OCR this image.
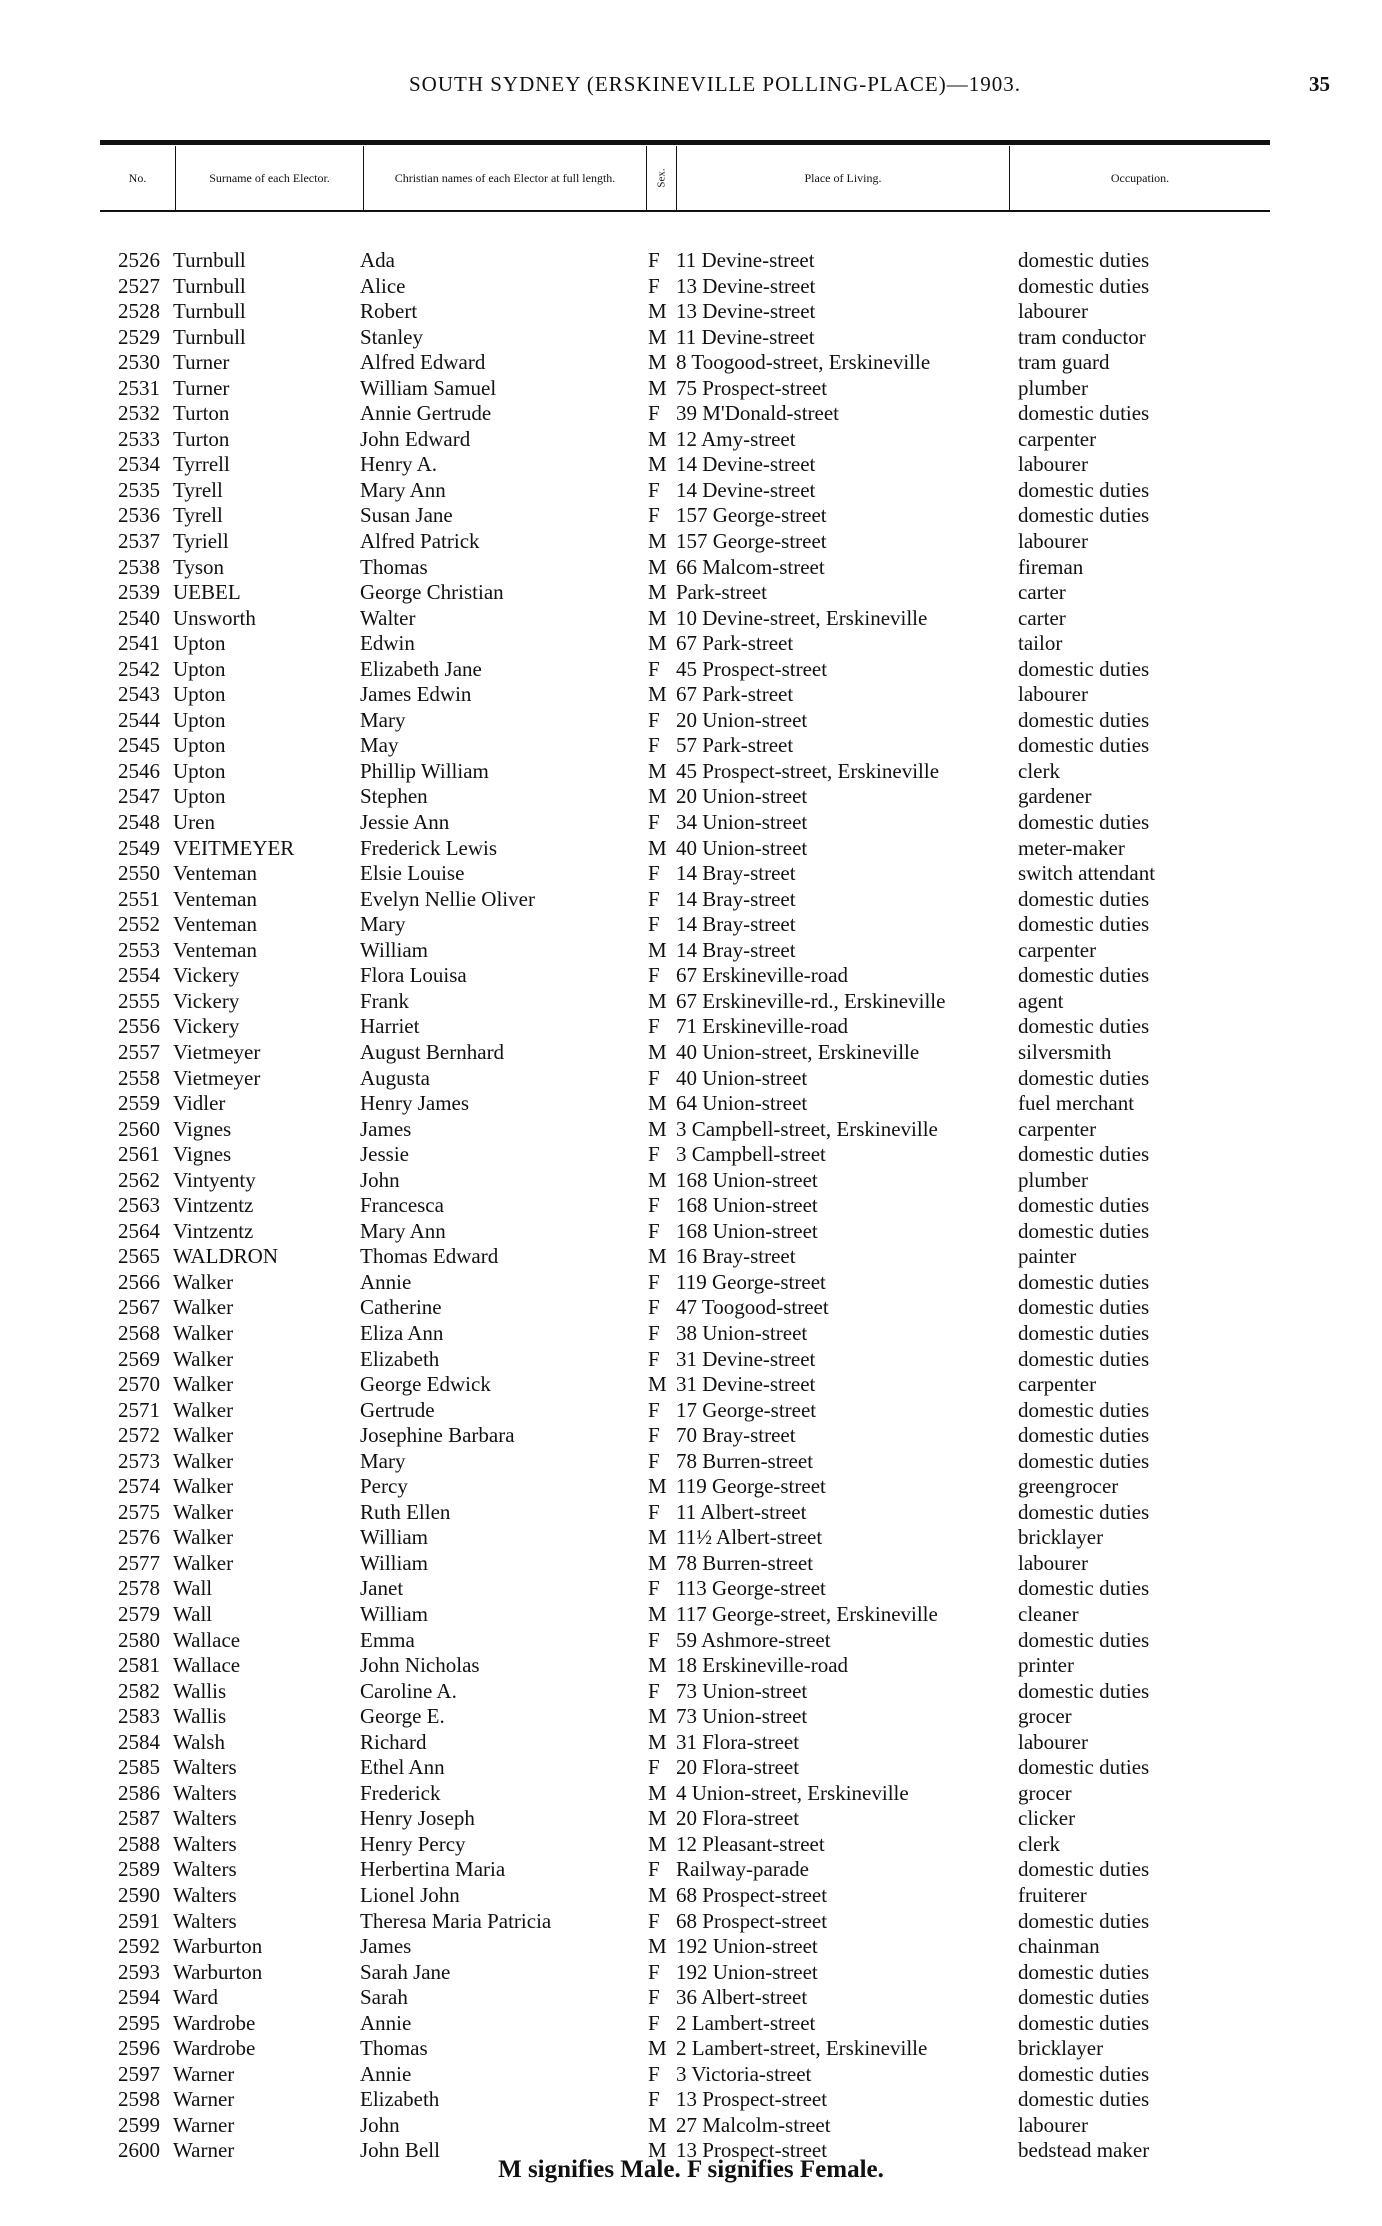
SOUTH SYDNEY (ERSKINEVILLE POLLING-PLACE)—1903.	35
No.	Surname of each Elector.	Christian names of each Elector at full length.	Sex.	Place of Living.	Occupation.
2526 Turnbull	Ada	F 11 Devine-street	domestic duties
2527 Turnbull	Alice	F 13 Devine-street	domestic duties
2528 Turnbull	Robert	M 13 Devine-street	labourer
2529 Turnbull	Stanley	M 11 Devine-street	tram conductor
2530 Turner	Alfred Edward	M 8 Toogood-street, Erskineville	tram guard
2531 Turner	William Samuel	M 75 Prospect-street	plumber
2532 Turton	Annie Gertrude	F 39 M'Donald-street	domestic duties
2533 Turton	John Edward	M 12 Amy-street	carpenter
2534 Tyrrell	Henry A.	M 14 Devine-street	labourer
2535 Tyrell	Mary Ann	F 14 Devine-street	domestic duties
2536 Tyrell	Susan Jane	F 157 George-street	domestic duties
2537 Tyriell	Alfred Patrick	M 157 George-street	labourer
2538 Tyson	Thomas	M 66 Malcom-street	fireman
2539 UEBEL	George Christian	M Park-street	carter
2540 Unsworth	Walter	M 10 Devine-street, Erskineville	carter
2541 Upton	Edwin	M 67 Park-street	tailor
2542 Upton	Elizabeth Jane	F 45 Prospect-street	domestic duties
2543 Upton	James Edwin	M 67 Park-street	labourer
2544 Upton	Mary	F 20 Union-street	domestic duties
2545 Upton	May	F 57 Park-street	domestic duties
2546 Upton	Phillip William	M 45 Prospect-street, Erskineville	clerk
2547 Upton	Stephen	M 20 Union-street	gardener
2548 Uren	Jessie Ann	F 34 Union-street	domestic duties
2549 VEITMEYER	Frederick Lewis	M 40 Union-street	meter-maker
2550 Venteman	Elsie Louise	F 14 Bray-street	switch attendant
2551 Venteman	Evelyn Nellie Oliver	F 14 Bray-street	domestic duties
2552 Venteman	Mary	F 14 Bray-street	domestic duties
2553 Venteman	William	M 14 Bray-street	carpenter
2554 Vickery	Flora Louisa	F 67 Erskineville-road	domestic duties
2555 Vickery	Frank	M 67 Erskineville-rd., Erskineville	agent
2556 Vickery	Harriet	F 71 Erskineville-road	domestic duties
2557 Vietmeyer	August Bernhard	M 40 Union-street, Erskineville	silversmith
2558 Vietmeyer	Augusta	F 40 Union-street	domestic duties
2559 Vidler	Henry James	M 64 Union-street	fuel merchant
2560 Vignes	James	M 3 Campbell-street, Erskineville	carpenter
2561 Vignes	Jessie	F 3 Campbell-street	domestic duties
2562 Vintyenty	John	M 168 Union-street	plumber
2563 Vintzentz	Francesca	F 168 Union-street	domestic duties
2564 Vintzentz	Mary Ann	F 168 Union-street	domestic duties
2565 WALDRON	Thomas Edward	M 16 Bray-street	painter
2566 Walker	Annie	F 119 George-street	domestic duties
2567 Walker	Catherine	F 47 Toogood-street	domestic duties
2568 Walker	Eliza Ann	F 38 Union-street	domestic duties
2569 Walker	Elizabeth	F 31 Devine-street	domestic duties
2570 Walker	George Edwick	M 31 Devine-street	carpenter
2571 Walker	Gertrude	F 17 George-street	domestic duties
2572 Walker	Josephine Barbara	F 70 Bray-street	domestic duties
2573 Walker	Mary	F 78 Burren-street	domestic duties
2574 Walker	Percy	M 119 George-street	greengrocer
2575 Walker	Ruth Ellen	F 11 Albert-street	domestic duties
2576 Walker	William	M 11½ Albert-street	bricklayer
2577 Walker	William	M 78 Burren-street	labourer
2578 Wall	Janet	F 113 George-street	domestic duties
2579 Wall	William	M 117 George-street, Erskineville	cleaner
2580 Wallace	Emma	F 59 Ashmore-street	domestic duties
2581 Wallace	John Nicholas	M 18 Erskineville-road	printer
2582 Wallis	Caroline A.	F 73 Union-street	domestic duties
2583 Wallis	George E.	M 73 Union-street	grocer
2584 Walsh	Richard	M 31 Flora-street	labourer
2585 Walters	Ethel Ann	F 20 Flora-street	domestic duties
2586 Walters	Frederick	M 4 Union-street, Erskineville	grocer
2587 Walters	Henry Joseph	M 20 Flora-street	clicker
2588 Walters	Henry Percy	M 12 Pleasant-street	clerk
2589 Walters	Herbertina Maria	F Railway-parade	domestic duties
2590 Walters	Lionel John	M 68 Prospect-street	fruiterer
2591 Walters	Theresa Maria Patricia	F 68 Prospect-street	domestic duties
2592 Warburton	James	M 192 Union-street	chainman
2593 Warburton	Sarah Jane	F 192 Union-street	domestic duties
2594 Ward	Sarah	F 36 Albert-street	domestic duties
2595 Wardrobe	Annie	F 2 Lambert-street	domestic duties
2596 Wardrobe	Thomas	M 2 Lambert-street, Erskineville	bricklayer
2597 Warner	Annie	F 3 Victoria-street	domestic duties
2598 Warner	Elizabeth	F 13 Prospect-street	domestic duties
2599 Warner	John	M 27 Malcolm-street	labourer
2600 Warner	John Bell	M 13 Prospect-street	bedstead maker
M signifies Male. F signifies Female.
